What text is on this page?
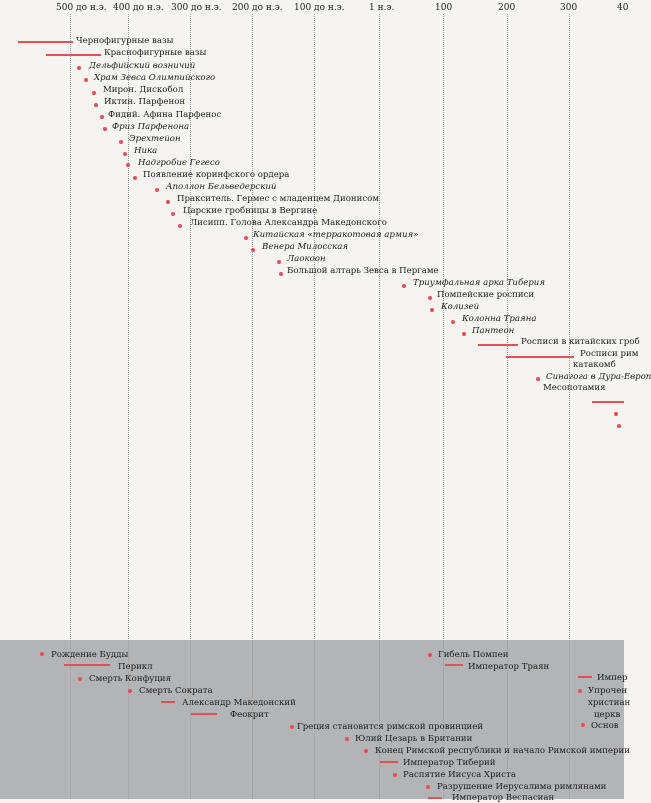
500 до н.э. 400 до н.э. 300 до н.э. 200 до н.э. 100 до н.э.	1 н.э.	100	200	300	40
Чернофигурные вазы
Краснофигурные вазы
Дельфийский возничий
Храм Зевса Олимпийского
Мирон. Дискобол
Иктин. Парфенон
Фидий. Афина Парфенос
Фриз Парфенона
Эрехтейон
Ника
Надгробие Гегесо
Появление коринфского ордера
Аполлон Бельведерский
Пракситель. Гермес с младенцем Дионисом
Царские гробницы в Вергине
Лисипп. Голова Александра Македонского
Китайская «терракотовая армия»
Венера Милосская
Лаокоон
Большой алтарь Зевса в Пергаме
Триумфальная арка Тиберия
Помпейские росписи
Колизей
Колонна Траяна
Пантеон
Росписи в китайских гроб
Росписи рим
катакомб
Синагога в Дура-Европ
Месопотамия
Рождение Будды
Перикл
Смерть Конфуция
Смерть Сократа
Александр Македонский
Феокрит
Греция становится римской провинцией
Юлий Цезарь в Британии
Конец Римской республики и начало Римской империи
Император Тиберий
Распятие Иисуса Христа
Разрушение Иерусалима римлянами
Император Веспасиан
Гибель Помпеи
Император Траян
Импер
Упрочен
христиан
церкв
Основ
